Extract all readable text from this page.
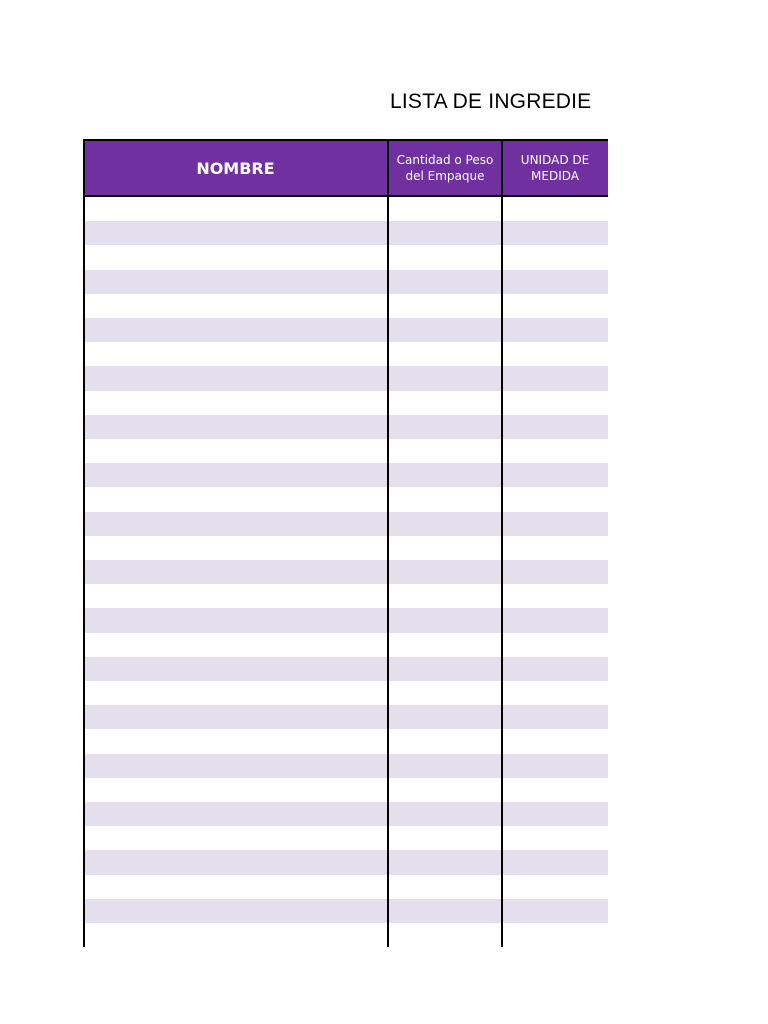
LISTA DE INGREDIE
NOMBRE	Cantidad o Peso del Empaque
UNIDAD DE MEDIDA
